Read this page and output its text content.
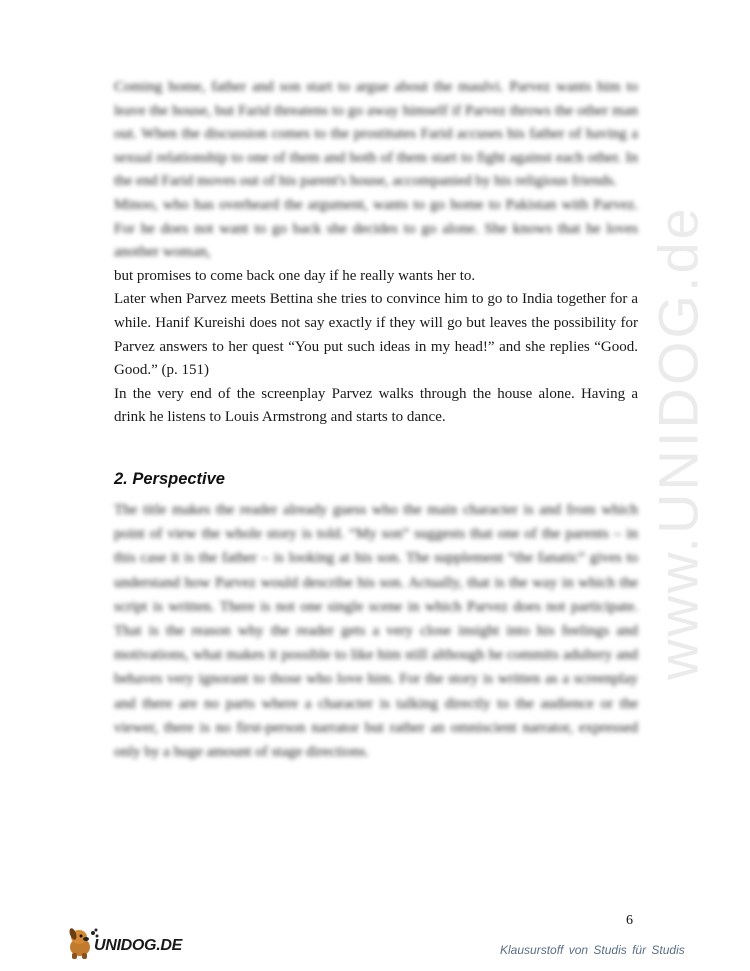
www.UNIDOG.de

Coming home, father and son start to argue about the maulvi. Parvez wants him to leave the house, but Farid threatens to go away himself if Parvez throws the other man out. When the discussion comes to the prostitutes Farid accuses his father of having a sexual relationship to one of them and both of them start to fight against each other. In the end Farid moves out of his parent's house, accompanied by his religious friends.

Minoo, who has overheard the argument, wants to go home to Pakistan with Parvez. For he does not want to go back she decides to go alone. She knows that he loves another woman,

but promises to come back one day if he really wants her to.

Later when Parvez meets Bettina she tries to convince him to go to India together for a while. Hanif Kureishi does not say exactly if they will go but leaves the possibility for Parvez answers to her quest “You put such ideas in my head!” and she replies “Good. Good.” (p. 151)

In the very end of the screenplay Parvez walks through the house alone. Having a drink he listens to Louis Armstrong and starts to dance.

2. Perspective

The title makes the reader already guess who the main character is and from which point of view the whole story is told. “My son” suggests that one of the parents – in this case it is the father – is looking at his son. The supplement “the fanatic” gives to understand how Parvez would describe his son. Actually, that is the way in which the script is written. There is not one single scene in which Parvez does not participate. That is the reason why the reader gets a very close insight into his feelings and motivations, what makes it possible to like him still although he commits adultery and behaves very ignorant to those who love him. For the story is written as a screenplay and there are no parts where a character is talking directly to the audience or the viewer, there is no first-person narrator but rather an omniscient narrator, expressed only by a huge amount of stage directions.

6
UNIDOG.DE	Klausurstoff von Studis für Studis
